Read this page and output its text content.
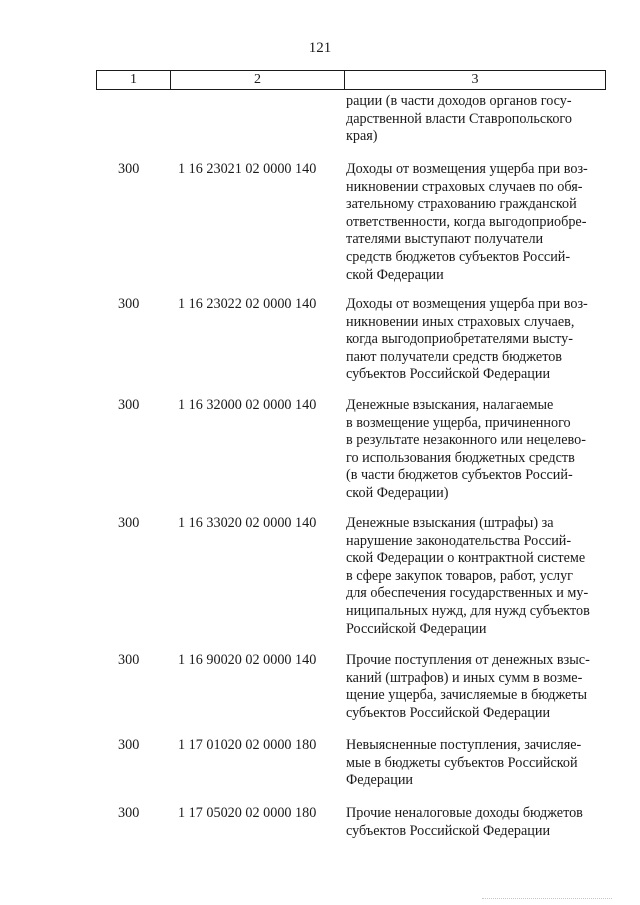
121
1	2	3
рации (в части доходов органов госу-
дарственной власти Ставропольского
края)
300	1 16 23021 02 0000 140	Доходы от возмещения ущерба при воз-
никновении страховых случаев по обя-
зательному страхованию гражданской
ответственности, когда выгодоприобре-
тателями выступают получатели
средств бюджетов субъектов Россий-
ской Федерации
300	1 16 23022 02 0000 140	Доходы от возмещения ущерба при воз-
никновении иных страховых случаев,
когда выгодоприобретателями высту-
пают получатели средств бюджетов
субъектов Российской Федерации
300	1 16 32000 02 0000 140	Денежные взыскания, налагаемые
в возмещение ущерба, причиненного
в результате незаконного или нецелево-
го использования бюджетных средств
(в части бюджетов субъектов Россий-
ской Федерации)
300	1 16 33020 02 0000 140	Денежные взыскания (штрафы) за
нарушение законодательства Россий-
ской Федерации о контрактной системе
в сфере закупок товаров, работ, услуг
для обеспечения государственных и му-
ниципальных нужд, для нужд субъектов
Российской Федерации
300	1 16 90020 02 0000 140	Прочие поступления от денежных взыс-
каний (штрафов) и иных сумм в возме-
щение ущерба, зачисляемые в бюджеты
субъектов Российской Федерации
300	1 17 01020 02 0000 180	Невыясненные поступления, зачисляе-
мые в бюджеты субъектов Российской
Федерации
300	1 17 05020 02 0000 180	Прочие неналоговые доходы бюджетов
субъектов Российской Федерации
